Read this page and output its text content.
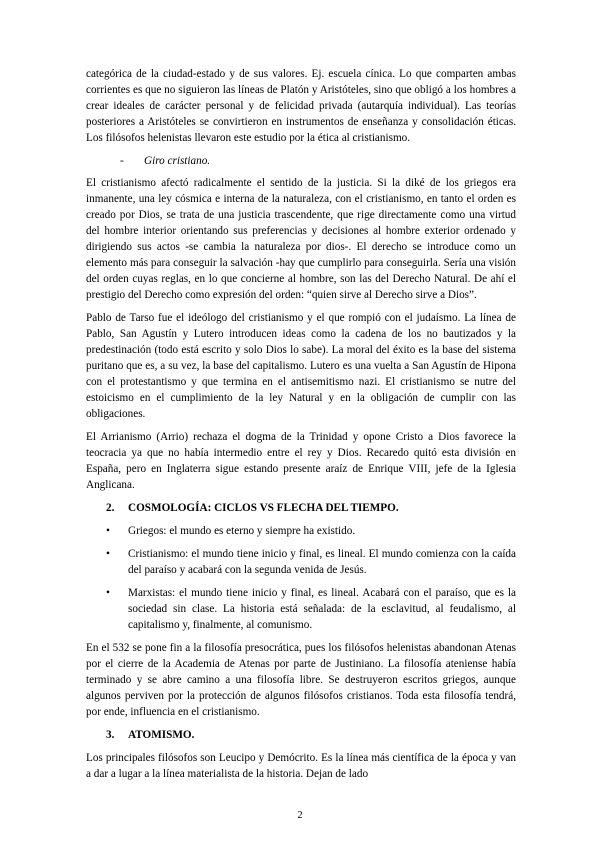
categórica de la ciudad-estado y de sus valores. Ej. escuela cínica. Lo que comparten ambas corrientes es que no siguieron las líneas de Platón y Aristóteles, sino que obligó a los hombres a crear ideales de carácter personal y de felicidad privada (autarquía individual). Las teorías posteriores a Aristóteles se convirtieron en instrumentos de enseñanza y consolidación éticas. Los filósofos helenistas llevaron este estudio por la ética al cristianismo.

- Giro cristiano.

El cristianismo afectó radicalmente el sentido de la justicia. Si la diké de los griegos era inmanente, una ley cósmica e interna de la naturaleza, con el cristianismo, en tanto el orden es creado por Dios, se trata de una justicia trascendente, que rige directamente como una virtud del hombre interior orientando sus preferencias y decisiones al hombre exterior ordenado y dirigiendo sus actos -se cambia la naturaleza por dios-. El derecho se introduce como un elemento más para conseguir la salvación -hay que cumplirlo para conseguirla. Sería una visión del orden cuyas reglas, en lo que concierne al hombre, son las del Derecho Natural. De ahí el prestigio del Derecho como expresión del orden: “quien sirve al Derecho sirve a Dios”.

Pablo de Tarso fue el ideólogo del cristianismo y el que rompió con el judaísmo. La línea de Pablo, San Agustín y Lutero introducen ideas como la cadena de los no bautizados y la predestinación (todo está escrito y solo Dios lo sabe). La moral del éxito es la base del sistema puritano que es, a su vez, la base del capitalismo. Lutero es una vuelta a San Agustín de Hipona con el protestantismo y que termina en el antisemitismo nazi. El cristianismo se nutre del estoicismo en el cumplimiento de la ley Natural y en la obligación de cumplir con las obligaciones.

El Arrianismo (Arrio) rechaza el dogma de la Trinidad y opone Cristo a Dios favorece la teocracia ya que no había intermedio entre el rey y Dios. Recaredo quitó esta división en España, pero en Inglaterra sigue estando presente araíz de Enrique VIII, jefe de la Iglesia Anglicana.

2. COSMOLOGÍA: CICLOS VS FLECHA DEL TIEMPO.
• Griegos: el mundo es eterno y siempre ha existido.
• Cristianismo: el mundo tiene inicio y final, es lineal. El mundo comienza con la caída del paraíso y acabará con la segunda venida de Jesús.
• Marxistas: el mundo tiene inicio y final, es lineal. Acabará con el paraíso, que es la sociedad sin clase. La historia está señalada: de la esclavitud, al feudalismo, al capitalismo y, finalmente, al comunismo.

En el 532 se pone fin a la filosofía presocrática, pues los filósofos helenistas abandonan Atenas por el cierre de la Academia de Atenas por parte de Justiniano. La filosofía ateniense había terminado y se abre camino a una filosofía libre. Se destruyeron escritos griegos, aunque algunos perviven por la protección de algunos filósofos cristianos. Toda esta filosofía tendrá, por ende, influencia en el cristianismo.

3. ATOMISMO.

Los principales filósofos son Leucipo y Demócrito. Es la línea más científica de la época y van a dar a lugar a la línea materialista de la historia. Dejan de lado

2
